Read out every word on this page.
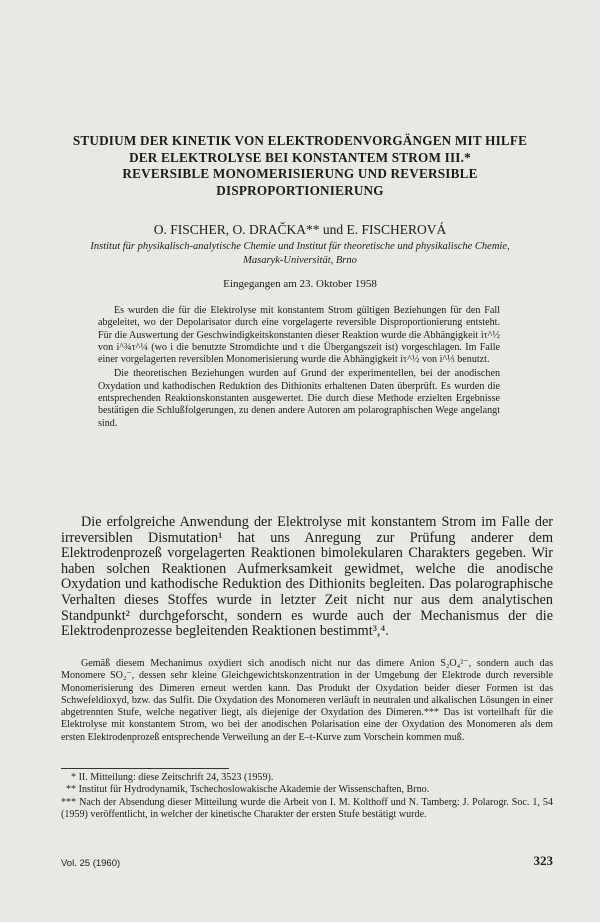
STUDIUM DER KINETIK VON ELEKTRODENVORGÄNGEN MIT HILFE
DER ELEKTROLYSE BEI KONSTANTEM STROM III.*
REVERSIBLE MONOMERISIERUNG UND REVERSIBLE
DISPROPORTIONIERUNG
O. FISCHER, O. DRAČKA** und E. FISCHEROVÁ
Institut für physikalisch-analytische Chemie und Institut für theoretische und physikalische Chemie,
Masaryk-Universität, Brno
Eingegangen am 23. Oktober 1958

Es wurden die für die Elektrolyse mit konstantem Strom gültigen Beziehungen für den Fall abgeleitet, wo der Depolarisator durch eine vorgelagerte reversible Disproportionierung entsteht. Für die Auswertung der Geschwindigkeitskonstanten dieser Reaktion wurde die Abhängigkeit iτ^½ von i^¾τ^¼ (wo i die benutzte Stromdichte und τ die Übergangszeit ist) vorgeschlagen. Im Falle einer vorgelagerten reversiblen Monomerisierung wurde die Abhängigkeit iτ^½ von i^⅓ benutzt.

Die theoretischen Beziehungen wurden auf Grund der experimentellen, bei der anodischen Oxydation und kathodischen Reduktion des Dithionits erhaltenen Daten überprüft. Es wurden die entsprechenden Reaktionskonstanten ausgewertet. Die durch diese Methode erzielten Ergebnisse bestätigen die Schlußfolgerungen, zu denen andere Autoren am polarographischen Wege angelangt sind.

Die erfolgreiche Anwendung der Elektrolyse mit konstantem Strom im Falle der irreversiblen Dismutation¹ hat uns Anregung zur Prüfung anderer dem Elektrodenprozeß vorgelagerten Reaktionen bimolekularen Charakters gegeben. Wir haben solchen Reaktionen Aufmerksamkeit gewidmet, welche die anodische Oxydation und kathodische Reduktion des Dithionits begleiten. Das polarographische Verhalten dieses Stoffes wurde in letzter Zeit nicht nur aus dem analytischen Standpunkt² durchgeforscht, sondern es wurde auch der Mechanismus der die Elektrodenprozesse begleitenden Reaktionen bestimmt³,⁴.

Gemäß diesem Mechanimus oxydiert sich anodisch nicht nur das dimere Anion S₂O₄²⁻, sondern auch das Monomere SO₂⁻, dessen sehr kleine Gleichgewichtskonzentration in der Umgebung der Elektrode durch reversible Monomerisierung des Dimeren erneut werden kann. Das Produkt der Oxydation beider dieser Formen ist das Schwefeldioxyd, bzw. das Sulfit. Die Oxydation des Monomeren verläuft in neutralen und alkalischen Lösungen in einer abgetrennten Stufe, welche negativer liegt, als diejenige der Oxydation des Dimeren.*** Das ist vorteilhaft für die Elektrolyse mit konstantem Strom, wo bei der anodischen Polarisation eine der Oxydation des Monomeren als dem ersten Elektrodenprozeß entsprechende Verweilung an der E–t-Kurve zum Vorschein kommen muß.

* II. Mitteilung: diese Zeitschrift 24, 3523 (1959).

** Institut für Hydrodynamik, Tschechoslowakische Akademie der Wissenschaften, Brno.

*** Nach der Absendung dieser Mitteilung wurde die Arbeit von I. M. Kolthoff und N. Tamberg: J. Polarogr. Soc. 1, 54 (1959) veröffentlicht, in welcher der kinetische Charakter der ersten Stufe bestätigt wurde.

Vol. 25 (1960)	323
